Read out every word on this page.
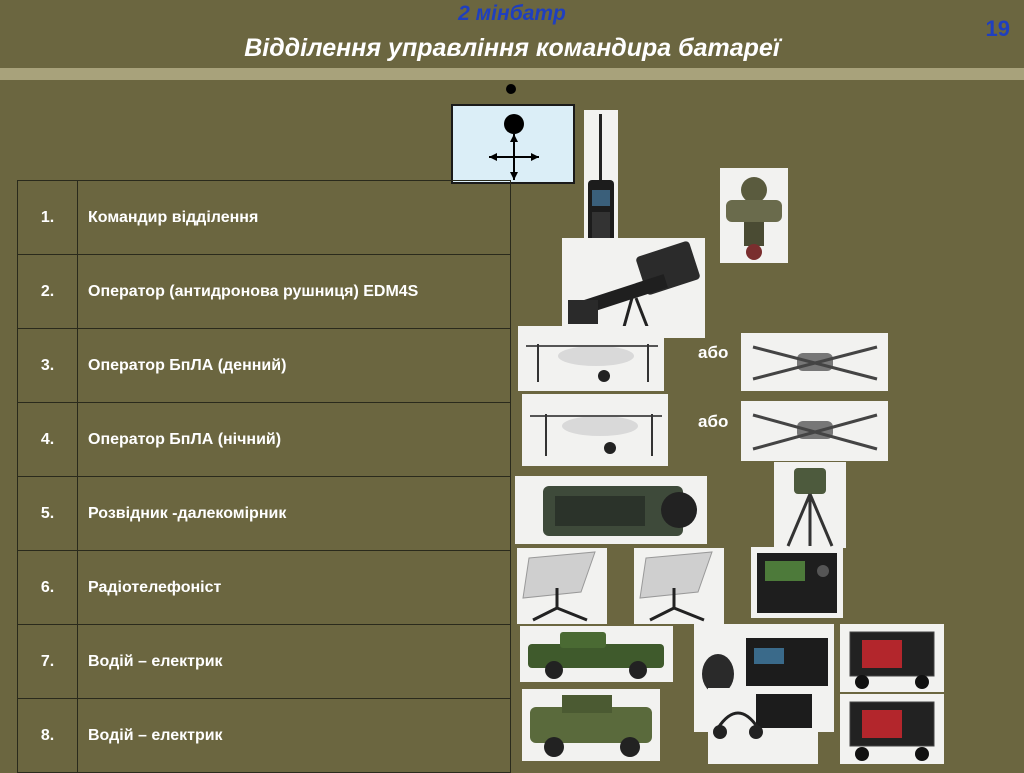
2 мінбатр
Відділення управління командира батареї
19
1.	Командир відділення
2.	Оператор (антидронова рушниця) EDM4S
3.	Оператор БпЛА (денний)
4.	Оператор БпЛА (нічний)
5.	Розвідник -далекомірник
6.	Радіотелефоніст
7.	Водій – електрик
8.	Водій – електрик
або
або
